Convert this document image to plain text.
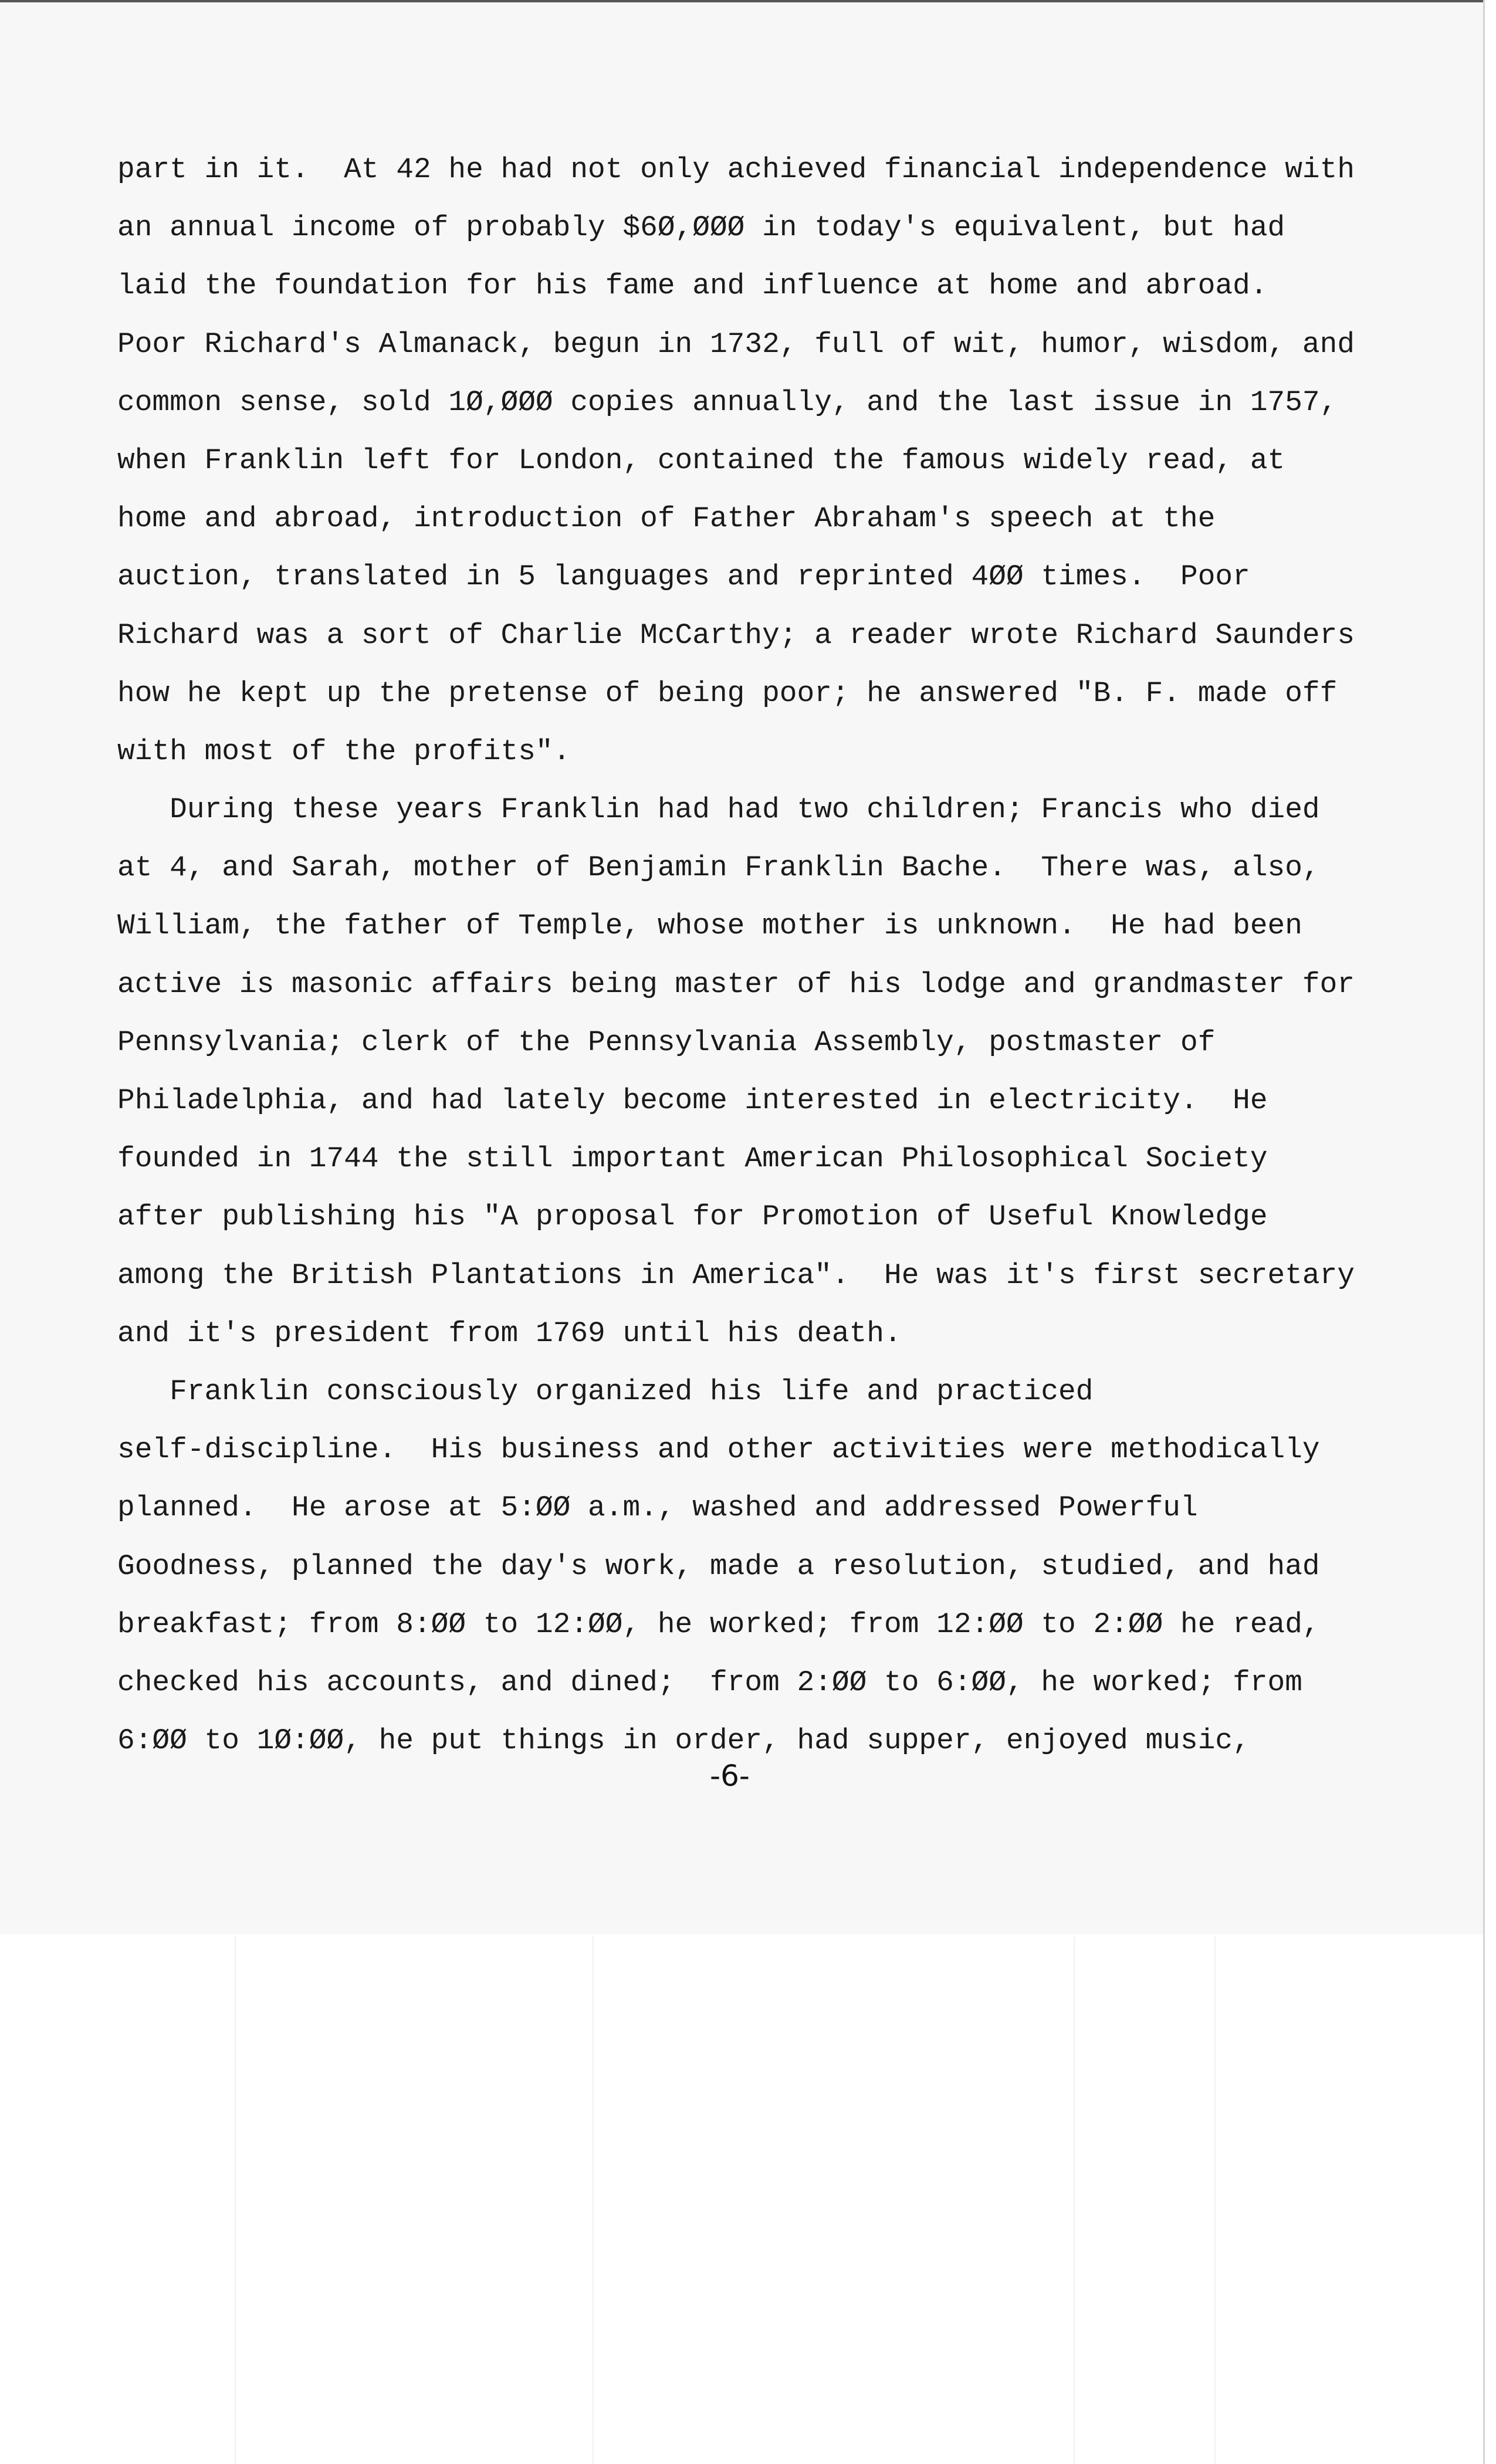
part in it.  At 42 he had not only achieved financial independence with
an annual income of probably $6Ø,ØØØ in today's equivalent, but had
laid the foundation for his fame and influence at home and abroad.
Poor Richard's Almanack, begun in 1732, full of wit, humor, wisdom, and
common sense, sold 1Ø,ØØØ copies annually, and the last issue in 1757,
when Franklin left for London, contained the famous widely read, at
home and abroad, introduction of Father Abraham's speech at the
auction, translated in 5 languages and reprinted 4ØØ times.  Poor
Richard was a sort of Charlie McCarthy; a reader wrote Richard Saunders
how he kept up the pretense of being poor; he answered "B. F. made off
with most of the profits".
During these years Franklin had had two children; Francis who died
at 4, and Sarah, mother of Benjamin Franklin Bache.  There was, also,
William, the father of Temple, whose mother is unknown.  He had been
active is masonic affairs being master of his lodge and grandmaster for
Pennsylvania; clerk of the Pennsylvania Assembly, postmaster of
Philadelphia, and had lately become interested in electricity.  He
founded in 1744 the still important American Philosophical Society
after publishing his "A proposal for Promotion of Useful Knowledge
among the British Plantations in America".  He was it's first secretary
and it's president from 1769 until his death.
Franklin consciously organized his life and practiced
self-discipline.  His business and other activities were methodically
planned.  He arose at 5:ØØ a.m., washed and addressed Powerful
Goodness, planned the day's work, made a resolution, studied, and had
breakfast; from 8:ØØ to 12:ØØ, he worked; from 12:ØØ to 2:ØØ he read,
checked his accounts, and dined;  from 2:ØØ to 6:ØØ, he worked; from
6:ØØ to 1Ø:ØØ, he put things in order, had supper, enjoyed music,
-6-
